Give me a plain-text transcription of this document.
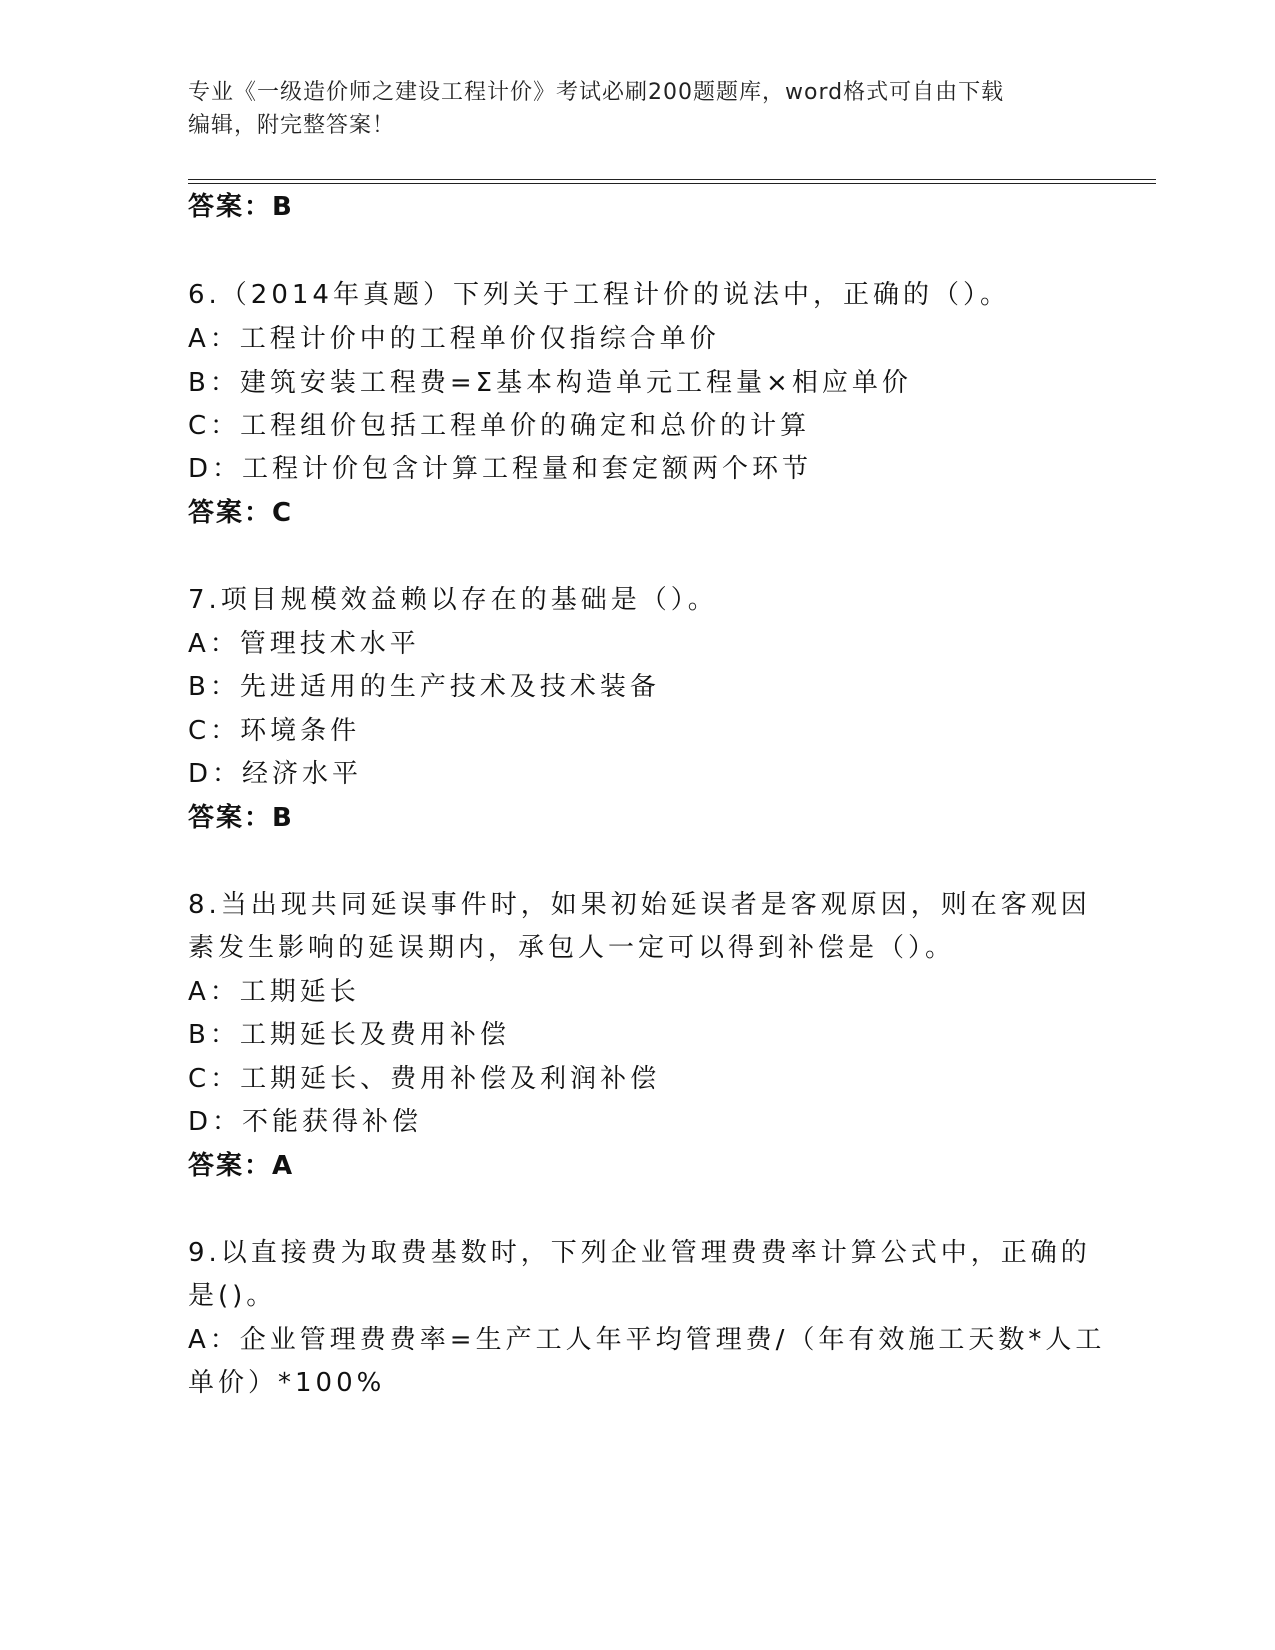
专业《一级造价师之建设工程计价》考试必刷200题题库，word格式可自由下载
编辑，附完整答案！
答案：B
6.（2014年真题）下列关于工程计价的说法中，正确的（）。
A：工程计价中的工程单价仅指综合单价
B：建筑安装工程费=Σ基本构造单元工程量×相应单价
C：工程组价包括工程单价的确定和总价的计算
D：工程计价包含计算工程量和套定额两个环节
答案：C
7.项目规模效益赖以存在的基础是（）。
A：管理技术水平
B：先进适用的生产技术及技术装备
C：环境条件
D：经济水平
答案：B
8.当出现共同延误事件时，如果初始延误者是客观原因，则在客观因
素发生影响的延误期内，承包人一定可以得到补偿是（）。
A：工期延长
B：工期延长及费用补偿
C：工期延长、费用补偿及利润补偿
D：不能获得补偿
答案：A
9.以直接费为取费基数时，下列企业管理费费率计算公式中，正确的
是()。
A：企业管理费费率=生产工人年平均管理费/（年有效施工天数*人工
单价）*100%
